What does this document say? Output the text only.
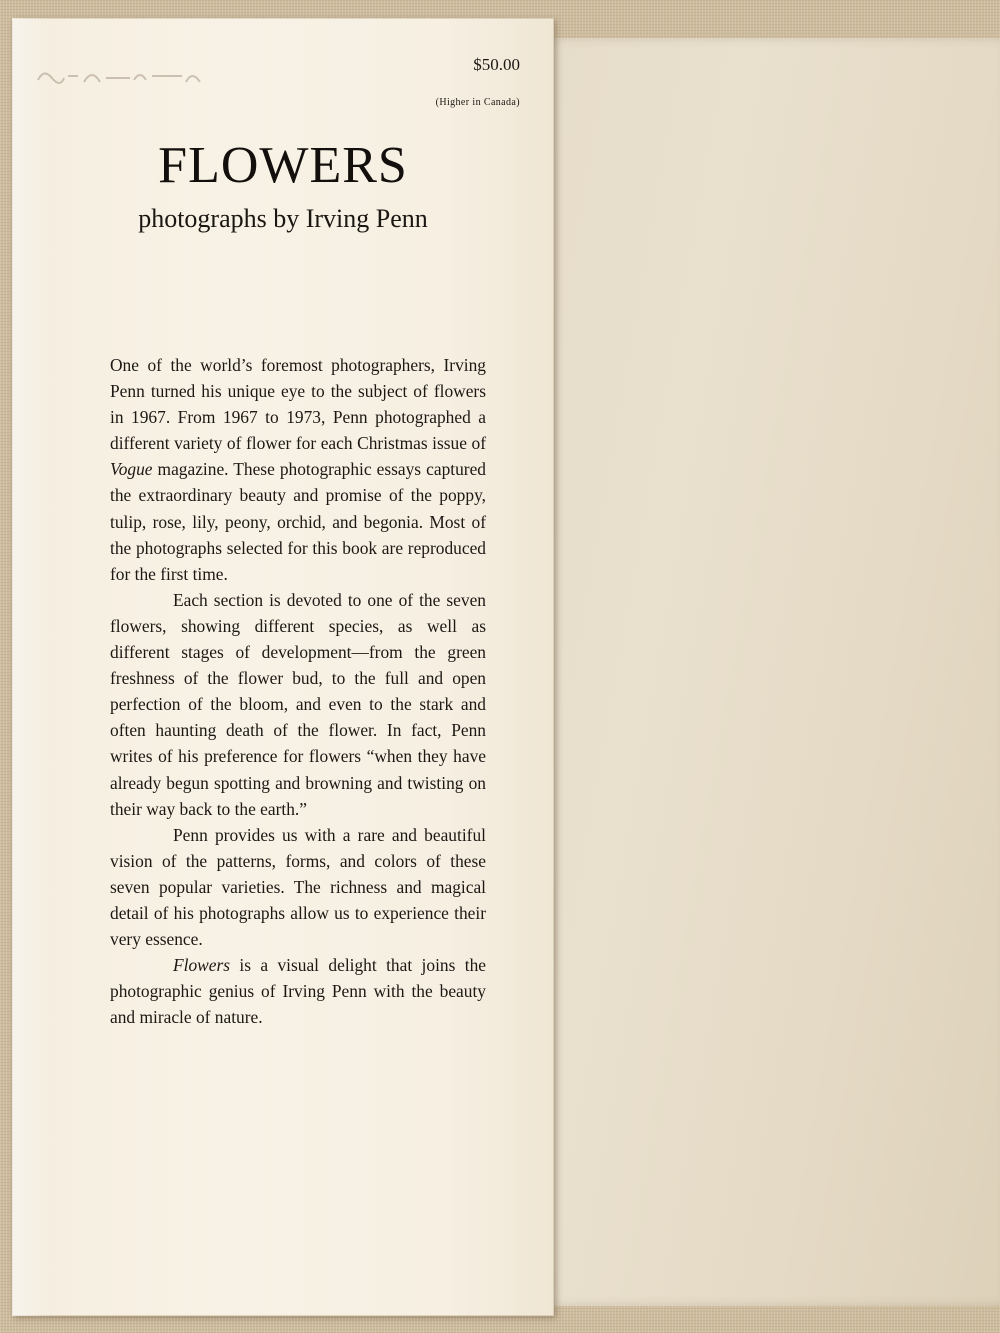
$50.00
(Higher in Canada)
FLOWERS
photographs by Irving Penn

One of the world’s foremost photographers, Irving Penn turned his unique eye to the subject of flowers in 1967. From 1967 to 1973, Penn photographed a different variety of flower for each Christmas issue of Vogue magazine. These photographic essays captured the extraordinary beauty and promise of the poppy, tulip, rose, lily, peony, orchid, and begonia. Most of the photographs selected for this book are reproduced for the first time.

Each section is devoted to one of the seven flowers, showing different species, as well as different stages of development—from the green freshness of the flower bud, to the full and open perfection of the bloom, and even to the stark and often haunting death of the flower. In fact, Penn writes of his preference for flowers “when they have already begun spotting and browning and twisting on their way back to the earth.”

Penn provides us with a rare and beautiful vision of the patterns, forms, and colors of these seven popular varieties. The richness and magical detail of his photographs allow us to experience their very essence.

Flowers is a visual delight that joins the photographic genius of Irving Penn with the beauty and miracle of nature.
